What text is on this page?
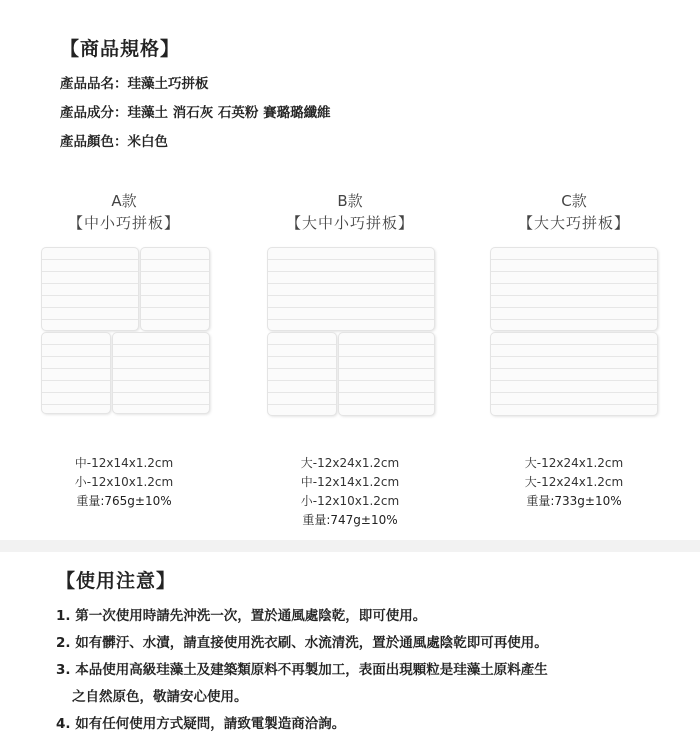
【商品規格】
產品品名：珪藻土巧拼板
產品成分：珪藻土 消石灰 石英粉 賽璐璐纖維
產品顏色：米白色
A款
【中小巧拼板】
中-12x14x1.2cm
小-12x10x1.2cm
重量:765g±10%
B款
【大中小巧拼板】
大-12x24x1.2cm
中-12x14x1.2cm
小-12x10x1.2cm
重量:747g±10%
C款
【大大巧拼板】
大-12x24x1.2cm
大-12x24x1.2cm
重量:733g±10%
【使用注意】
1. 第一次使用時請先沖洗一次，置於通風處陰乾，即可使用。
2. 如有髒汙、水漬，請直接使用洗衣刷、水流清洗，置於通風處陰乾即可再使用。
3. 本品使用高級珪藻土及建築類原料不再製加工，表面出現顆粒是珪藻土原料產生
之自然原色，敬請安心使用。
4. 如有任何使用方式疑問，請致電製造商洽詢。
